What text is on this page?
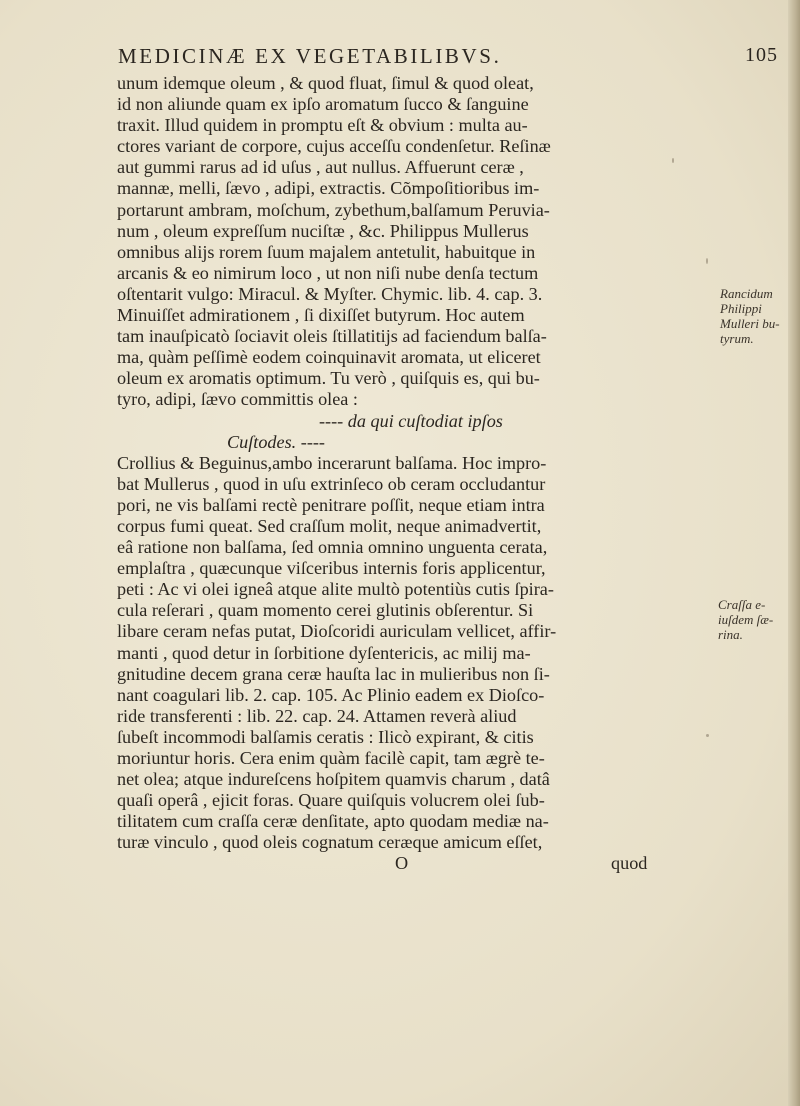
MEDICINÆ EX VEGETABILIBVS.	105
unum idemque oleum , & quod fluat, ſimul & quod oleat,
id non aliunde quam ex ipſo aromatum ſucco & ſanguine
traxit. Illud quidem in promptu eſt & obvium : multa au-
ctores variant de corpore, cujus acceſſu condenſetur. Reſinæ
aut gummi rarus ad id uſus , aut nullus. Affuerunt ceræ ,
mannæ, melli, ſævo , adipi, extractis. Cõmpoſitioribus im-
portarunt ambram, moſchum, zybethum,balſamum Peruvia-
num , oleum expreſſum nuciſtæ , &c. Philippus Mullerus
omnibus alijs rorem ſuum majalem antetulit, habuitque in
arcanis & eo nimirum loco , ut non niſi nube denſa tectum
oſtentarit vulgo: Miracul. & Myſter. Chymic. lib. 4. cap. 3.
Minuiſſet admirationem , ſi dixiſſet butyrum. Hoc autem
tam inauſpicatò ſociavit oleis ſtillatitijs ad faciendum balſa-
ma, quàm peſſimè eodem coinquinavit aromata, ut eliceret
oleum ex aromatis optimum. Tu verò , quiſquis es, qui bu-
tyro, adipi, ſævo committis olea :
---- da qui cuſtodiat ipſos
Cuſtodes. ----
Crollius & Beguinus,ambo incerarunt balſama. Hoc impro-
bat Mullerus , quod in uſu extrinſeco ob ceram occludantur
pori, ne vis balſami rectè penitrare poſſit, neque etiam intra
corpus fumi queat. Sed craſſum molit, neque animadvertit,
eâ ratione non balſama, ſed omnia omnino unguenta cerata,
emplaſtra , quæcunque viſceribus internis foris applicentur,
peti : Ac vi olei igneâ atque alite multò potentiùs cutis ſpira-
cula reſerari , quam momento cerei glutinis obſerentur. Si
libare ceram nefas putat, Dioſcoridi auriculam vellicet, affir-
manti , quod detur in ſorbitione dyſentericis, ac milij ma-
gnitudine decem grana ceræ hauſta lac in mulieribus non ſi-
nant coagulari lib. 2. cap. 105. Ac Plinio eadem ex Dioſco-
ride transferenti : lib. 22. cap. 24. Attamen reverà aliud
ſubeſt incommodi balſamis ceratis : Ilicò expirant, & citis
moriuntur horis. Cera enim quàm facilè capit, tam ægrè te-
net olea; atque indureſcens hoſpitem quamvis charum , datâ
quaſi operâ , ejicit foras. Quare quiſquis volucrem olei ſub-
tilitatem cum craſſa ceræ denſitate, apto quodam mediæ na-
turæ vinculo , quod oleis cognatum ceræque amicum eſſet,
O	quod
Rancidum
Philippi
Mulleri bu-
tyrum.
Craſſa e-
iuſdem ſæ-
rina.
